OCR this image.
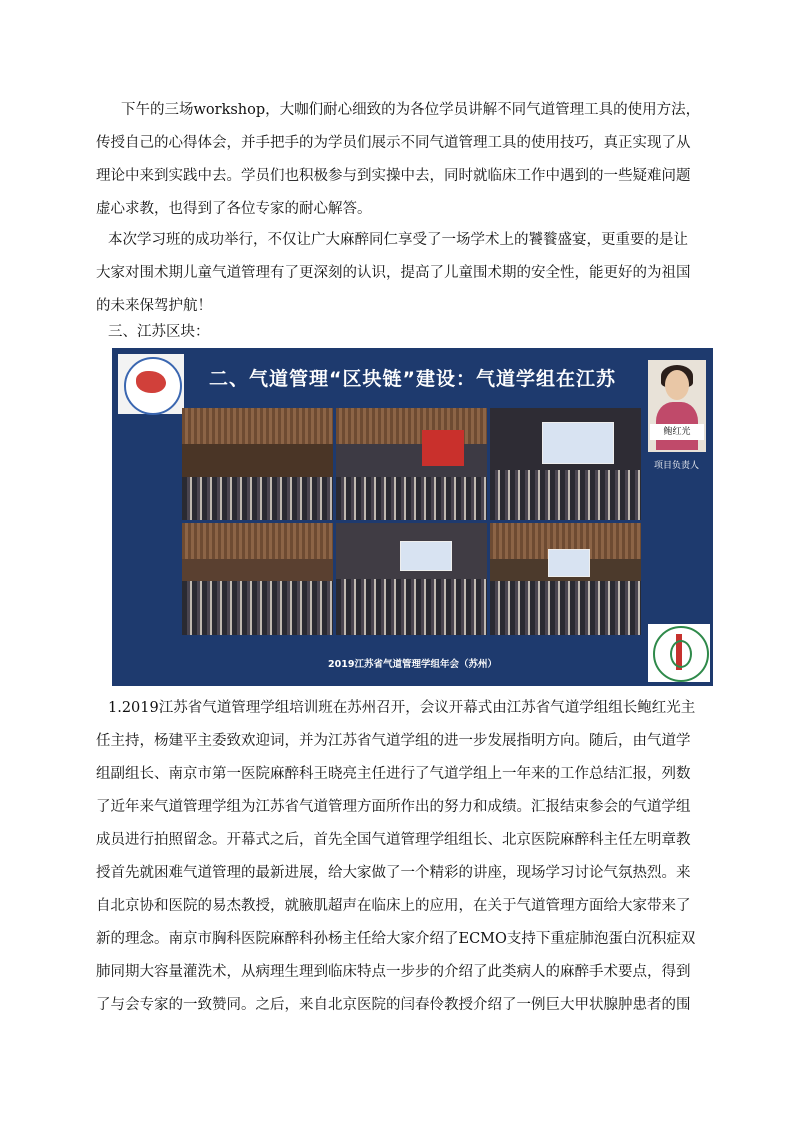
下午的三场workshop，大咖们耐心细致的为各位学员讲解不同气道管理工具的使用方法，
传授自己的心得体会，并手把手的为学员们展示不同气道管理工具的使用技巧，真正实现了从
理论中来到实践中去。学员们也积极参与到实操中去，同时就临床工作中遇到的一些疑难问题
虚心求教，也得到了各位专家的耐心解答。
本次学习班的成功举行，不仅让广大麻醉同仁享受了一场学术上的饕餮盛宴，更重要的是让
大家对围术期儿童气道管理有了更深刻的认识，提高了儿童围术期的安全性，能更好的为祖国
的未来保驾护航！
三、江苏区块：
二、气道管理“区块链”建设：气道学组在江苏
鲍红光
项目负责人
2019江苏省气道管理学组年会（苏州）
1.2019江苏省气道管理学组培训班在苏州召开，会议开幕式由江苏省气道学组组长鲍红光主
任主持，杨建平主委致欢迎词，并为江苏省气道学组的进一步发展指明方向。随后，由气道学
组副组长、南京市第一医院麻醉科王晓亮主任进行了气道学组上一年来的工作总结汇报，列数
了近年来气道管理学组为江苏省气道管理方面所作出的努力和成绩。汇报结束参会的气道学组
成员进行拍照留念。开幕式之后，首先全国气道管理学组组长、北京医院麻醉科主任左明章教
授首先就困难气道管理的最新进展，给大家做了一个精彩的讲座，现场学习讨论气氛热烈。来
自北京协和医院的易杰教授，就腋肌超声在临床上的应用，在关于气道管理方面给大家带来了
新的理念。南京市胸科医院麻醉科孙杨主任给大家介绍了ECMO支持下重症肺泡蛋白沉积症双
肺同期大容量灌洗术，从病理生理到临床特点一步步的介绍了此类病人的麻醉手术要点，得到
了与会专家的一致赞同。之后，来自北京医院的闫春伶教授介绍了一例巨大甲状腺肿患者的围
